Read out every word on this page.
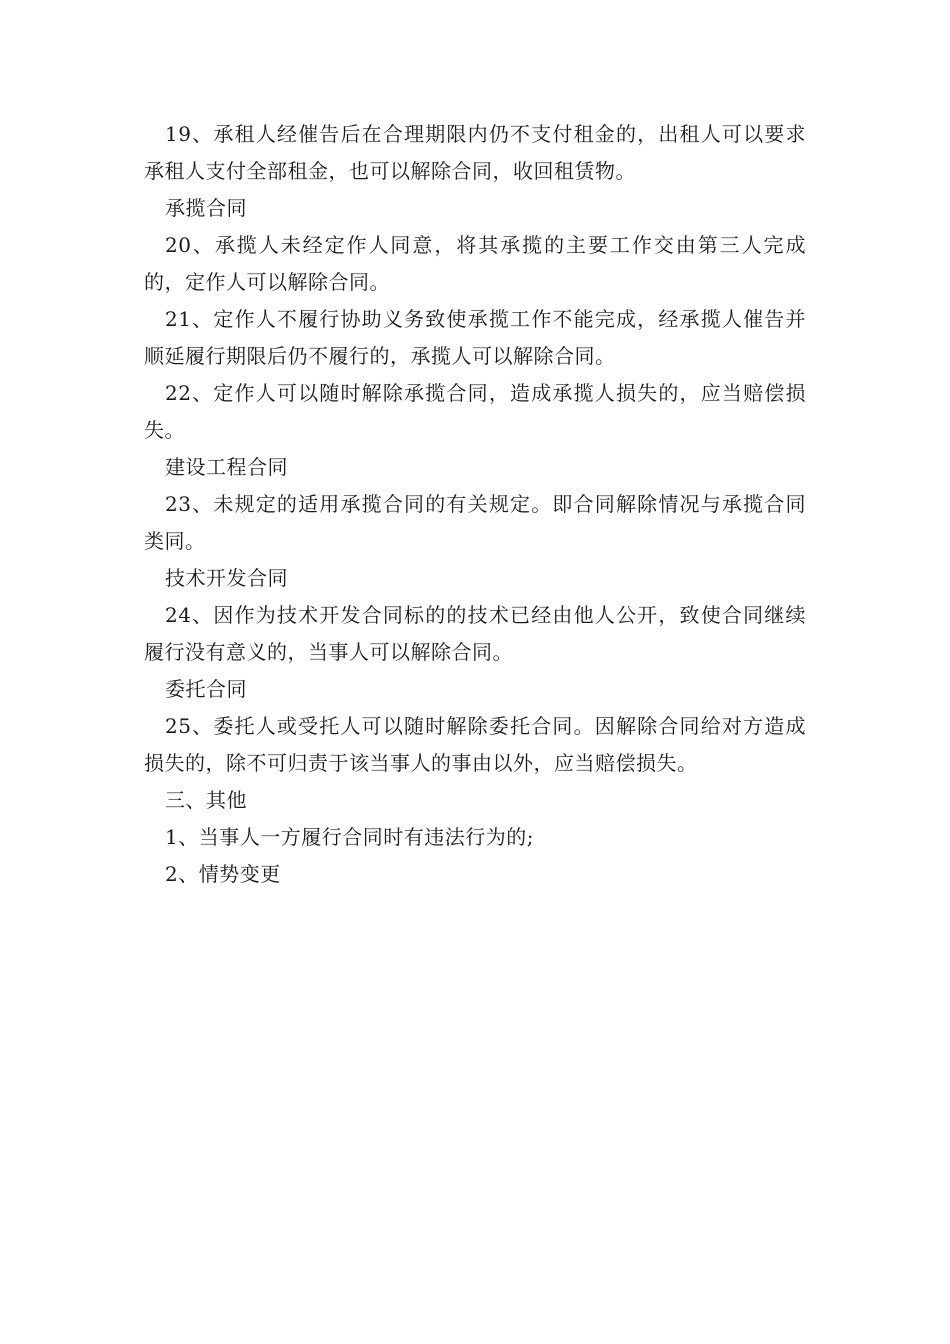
19、承租人经催告后在合理期限内仍不支付租金的，出租人可以要求承租人支付全部租金，也可以解除合同，收回租赁物。

承揽合同

20、承揽人未经定作人同意，将其承揽的主要工作交由第三人完成的，定作人可以解除合同。

21、定作人不履行协助义务致使承揽工作不能完成，经承揽人催告并顺延履行期限后仍不履行的，承揽人可以解除合同。

22、定作人可以随时解除承揽合同，造成承揽人损失的，应当赔偿损失。

建设工程合同

23、未规定的适用承揽合同的有关规定。即合同解除情况与承揽合同类同。

技术开发合同

24、因作为技术开发合同标的的技术已经由他人公开，致使合同继续履行没有意义的，当事人可以解除合同。

委托合同

25、委托人或受托人可以随时解除委托合同。因解除合同给对方造成损失的，除不可归责于该当事人的事由以外，应当赔偿损失。

三、其他

1、当事人一方履行合同时有违法行为的;

2、情势变更
